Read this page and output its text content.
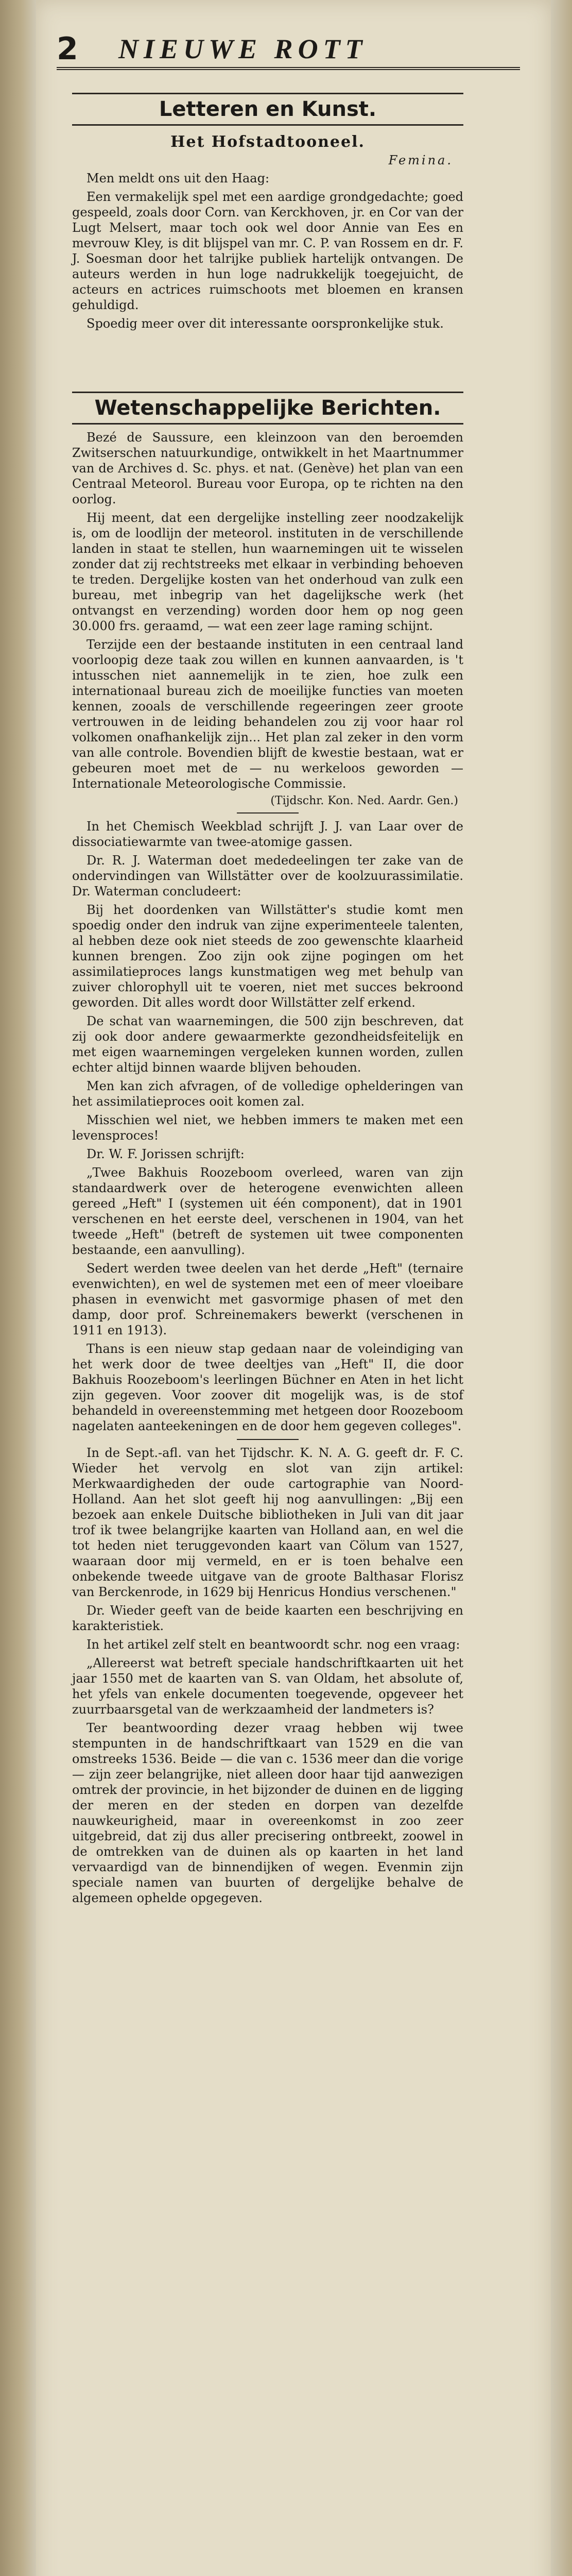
2 NIEUWE ROTT
Letteren en Kunst.
Het Hofstadtooneel.
Femina.

Men meldt ons uit den Haag:

Een vermakelijk spel met een aardige grondgedachte; goed gespeeld, zoals door Corn. van Kerckhoven, jr. en Cor van der Lugt Melsert, maar toch ook wel door Annie van Ees en mevrouw Kley, is dit blijspel van mr. C. P. van Rossem en dr. F. J. Soesman door het talrijke publiek hartelijk ontvangen. De auteurs werden in hun loge nadrukkelijk toegejuicht, de acteurs en actrices ruimschoots met bloemen en kransen gehuldigd.

Spoedig meer over dit interessante oorspronkelijke stuk.

Wetenschappelijke Berichten.

Bezé de Saussure, een kleinzoon van den beroemden Zwitserschen natuurkundige, ontwikkelt in het Maartnummer van de Archives d. Sc. phys. et nat. (Genève) het plan van een Centraal Meteorol. Bureau voor Europa, op te richten na den oorlog.

Hij meent, dat een dergelijke instelling zeer noodzakelijk is, om de loodlijn der meteorol. instituten in de verschillende landen in staat te stellen, hun waarnemingen uit te wisselen zonder dat zij rechtstreeks met elkaar in verbinding behoeven te treden. Dergelijke kosten van het onderhoud van zulk een bureau, met inbegrip van het dagelijksche werk (het ontvangst en verzending) worden door hem op nog geen 30.000 frs. geraamd, — wat een zeer lage raming schijnt.

Terzijde een der bestaande instituten in een centraal land voorloopig deze taak zou willen en kunnen aanvaarden, is 't intusschen niet aannemelijk in te zien, hoe zulk een internationaal bureau zich de moeilijke functies van moeten kennen, zooals de verschillende regeeringen zeer groote vertrouwen in de leiding behandelen zou zij voor haar rol volkomen onafhankelijk zijn... Het plan zal zeker in den vorm van alle controle. Bovendien blijft de kwestie bestaan, wat er gebeuren moet met de — nu werkeloos geworden — Internationale Meteorologische Commissie.

(Tijdschr. Kon. Ned. Aardr. Gen.)

In het Chemisch Weekblad schrijft J. J. van Laar over de dissociatiewarmte van twee-atomige gassen.

Dr. R. J. Waterman doet mededeelingen ter zake van de ondervindingen van Willstätter over de koolzuurassimilatie. Dr. Waterman concludeert:

Bij het doordenken van Willstätter's studie komt men spoedig onder den indruk van zijne experimenteele talenten, al hebben deze ook niet steeds de zoo gewenschte klaarheid kunnen brengen. Zoo zijn ook zijne pogingen om het assimilatieproces langs kunstmatigen weg met behulp van zuiver chlorophyll uit te voeren, niet met succes bekroond geworden. Dit alles wordt door Willstätter zelf erkend.

De schat van waarnemingen, die 500 zijn beschreven, dat zij ook door andere gewaarmerkte gezondheidsfeitelijk en met eigen waarnemingen vergeleken kunnen worden, zullen echter altijd binnen waarde blijven behouden.

Men kan zich afvragen, of de volledige ophelderingen van het assimilatieproces ooit komen zal.

Misschien wel niet, we hebben immers te maken met een levensproces!

Dr. W. F. Jorissen schrijft:

„Twee Bakhuis Roozeboom overleed, waren van zijn standaardwerk over de heterogene evenwichten alleen gereed „Heft" I (systemen uit één component), dat in 1901 verschenen en het eerste deel, verschenen in 1904, van het tweede „Heft" (betreft de systemen uit twee componenten bestaande, een aanvulling).

Sedert werden twee deelen van het derde „Heft" (ternaire evenwichten), en wel de systemen met een of meer vloeibare phasen in evenwicht met gasvormige phasen of met den damp, door prof. Schreinemakers bewerkt (verschenen in 1911 en 1913).

Thans is een nieuw stap gedaan naar de voleindiging van het werk door de twee deeltjes van „Heft" II, die door Bakhuis Roozeboom's leerlingen Büchner en Aten in het licht zijn gegeven. Voor zoover dit mogelijk was, is de stof behandeld in overeenstemming met hetgeen door Roozeboom nagelaten aanteekeningen en de door hem gegeven colleges".

In de Sept.-afl. van het Tijdschr. K. N. A. G. geeft dr. F. C. Wieder het vervolg en slot van zijn artikel: Merkwaardigheden der oude cartographie van Noord-Holland. Aan het slot geeft hij nog aanvullingen: „Bij een bezoek aan enkele Duitsche bibliotheken in Juli van dit jaar trof ik twee belangrijke kaarten van Holland aan, en wel die tot heden niet teruggevonden kaart van Cölum van 1527, waaraan door mij vermeld, en er is toen behalve een onbekende tweede uitgave van de groote Balthasar Florisz van Berckenrode, in 1629 bij Henricus Hondius verschenen."

Dr. Wieder geeft van de beide kaarten een beschrijving en karakteristiek.

In het artikel zelf stelt en beantwoordt schr. nog een vraag:

„Allereerst wat betreft speciale handschriftkaarten uit het jaar 1550 met de kaarten van S. van Oldam, het absolute of, het yfels van enkele documenten toegevende, opgeveer het zuurrbaarsgetal van de werkzaamheid der landmeters is?

Ter beantwoording dezer vraag hebben wij twee stempunten in de handschriftkaart van 1529 en die van omstreeks 1536. Beide — die van c. 1536 meer dan die vorige — zijn zeer belangrijke, niet alleen door haar tijd aanwezigen omtrek der provincie, in het bijzonder de duinen en de ligging der meren en der steden en dorpen van dezelfde nauwkeurigheid, maar in overeenkomst in zoo zeer uitgebreid, dat zij dus aller precisering ontbreekt, zoowel in de omtrekken van de duinen als op kaarten in het land vervaardigd van de binnendijken of wegen. Evenmin zijn speciale namen van buurten of dergelijke behalve de algemeen ophelde opgegeven.
